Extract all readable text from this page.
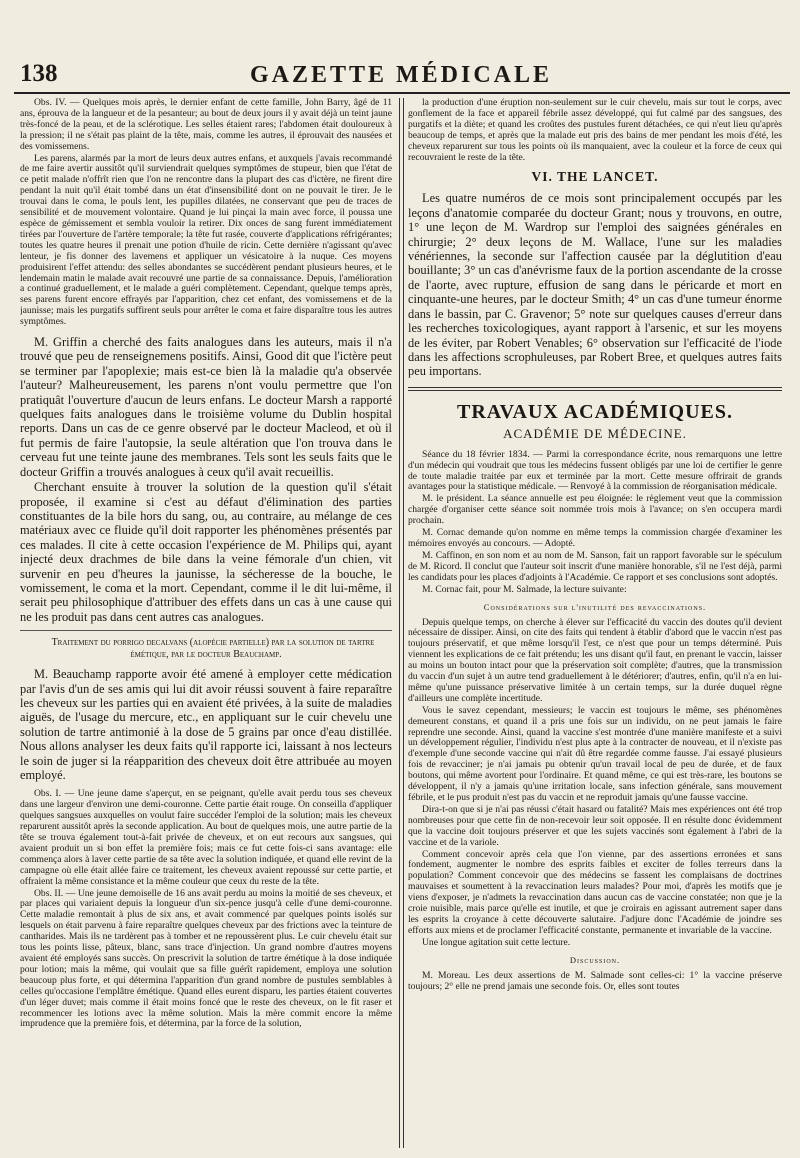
138	GAZETTE MÉDICALE

Obs. IV. — Quelques mois après, le dernier enfant de cette famille, John Barry, âgé de 11 ans, éprouva de la langueur et de la pesanteur; au bout de deux jours il y avait déjà un teint jaune très-foncé de la peau, et de la sclérotique. Les selles étaient rares; l'abdomen était douloureux à la pression; il ne s'était pas plaint de la tête, mais, comme les autres, il éprouvait des nausées et des vomissemens.

Les parens, alarmés par la mort de leurs deux autres enfans, et auxquels j'avais recommandé de me faire avertir aussitôt qu'il surviendrait quelques symptômes de stupeur, bien que l'état de ce petit malade n'offrît rien que l'on ne rencontre dans la plupart des cas d'ictère, ne firent dire pendant la nuit qu'il était tombé dans un état d'insensibilité dont on ne pouvait le tirer. Je le trouvai dans le coma, le pouls lent, les pupilles dilatées, ne conservant que peu de traces de sensibilité et de mouvement volontaire. Quand je lui pinçai la main avec force, il poussa une espèce de gémissement et sembla vouloir la retirer. Dix onces de sang furent immédiatement tirées par l'ouverture de l'artère temporale; la tête fut rasée, couverte d'applications réfrigérantes; toutes les quatre heures il prenait une potion d'huile de ricin. Cette dernière n'agissant qu'avec lenteur, je fis donner des lavemens et appliquer un vésicatoire à la nuque. Ces moyens produisirent l'effet attendu: des selles abondantes se succédèrent pendant plusieurs heures, et le lendemain matin le malade avait recouvré une partie de sa connaissance. Depuis, l'amélioration a continué graduellement, et le malade a guéri complètement. Cependant, quelque temps après, ses parens furent encore effrayés par l'apparition, chez cet enfant, des vomissemens et de la jaunisse; mais les purgatifs suffirent seuls pour arrêter le coma et faire disparaître tous les autres symptômes.

M. Griffin a cherché des faits analogues dans les auteurs, mais il n'a trouvé que peu de renseignemens positifs. Ainsi, Good dit que l'ictère peut se terminer par l'apoplexie; mais est-ce bien là la maladie qu'a observée l'auteur? Malheureusement, les parens n'ont voulu permettre que l'on pratiquât l'ouverture d'aucun de leurs enfans. Le docteur Marsh a rapporté quelques faits analogues dans le troisième volume du Dublin hospital reports. Dans un cas de ce genre observé par le docteur Macleod, et où il fut permis de faire l'autopsie, la seule altération que l'on trouva dans le cerveau fut une teinte jaune des membranes. Tels sont les seuls faits que le docteur Griffin a trouvés analogues à ceux qu'il avait recueillis.

Cherchant ensuite à trouver la solution de la question qu'il s'était proposée, il examine si c'est au défaut d'élimination des parties constituantes de la bile hors du sang, ou, au contraire, au mélange de ces matériaux avec ce fluide qu'il doit rapporter les phénomènes présentés par ces malades. Il cite à cette occasion l'expérience de M. Philips qui, ayant injecté deux drachmes de bile dans la veine fémorale d'un chien, vit survenir en peu d'heures la jaunisse, la sécheresse de la bouche, le vomissement, le coma et la mort. Cependant, comme il le dit lui-même, il serait peu philosophique d'attribuer des effets dans un cas à une cause qui ne les produit pas dans cent autres cas analogues.

Traitement du porrigo decalvans (alopécie partielle) par la solution de tartre émétique, par le docteur Beauchamp.

M. Beauchamp rapporte avoir été amené à employer cette médication par l'avis d'un de ses amis qui lui dit avoir réussi souvent à faire reparaître les cheveux sur les parties qui en avaient été privées, à la suite de maladies aiguës, de l'usage du mercure, etc., en appliquant sur le cuir chevelu une solution de tartre antimonié à la dose de 5 grains par once d'eau distillée. Nous allons analyser les deux faits qu'il rapporte ici, laissant à nos lecteurs le soin de juger si la réapparition des cheveux doit être attribuée au moyen employé.

Obs. I. — Une jeune dame s'aperçut, en se peignant, qu'elle avait perdu tous ses cheveux dans une largeur d'environ une demi-couronne. Cette partie était rouge. On conseilla d'appliquer quelques sangsues auxquelles on voulut faire succéder l'emploi de la solution; mais les cheveux reparurent aussitôt après la seconde application. Au bout de quelques mois, une autre partie de la tête se trouva également tout-à-fait privée de cheveux, et on eut recours aux sangsues, qui avaient produit un si bon effet la première fois; mais ce fut cette fois-ci sans avantage: elle commença alors à laver cette partie de sa tête avec la solution indiquée, et quand elle revint de la campagne où elle était allée faire ce traitement, les cheveux avaient repoussé sur cette partie, et offraient la même consistance et la même couleur que ceux du reste de la tête.

Obs. II. — Une jeune demoiselle de 16 ans avait perdu au moins la moitié de ses cheveux, et par places qui variaient depuis la longueur d'un six-pence jusqu'à celle d'une demi-couronne. Cette maladie remontait à plus de six ans, et avait commencé par quelques points isolés sur lesquels on était parvenu à faire reparaître quelques cheveux par des frictions avec la teinture de cantharides. Mais ils ne tardèrent pas à tomber et ne repoussèrent plus. Le cuir chevelu était sur tous les points lisse, pâteux, blanc, sans trace d'injection. Un grand nombre d'autres moyens avaient été employés sans succès. On prescrivit la solution de tartre émétique à la dose indiquée pour lotion; mais la même, qui voulait que sa fille guérît rapidement, employa une solution beaucoup plus forte, et qui détermina l'apparition d'un grand nombre de pustules semblables à celles qu'occasione l'emplâtre émétique. Quand elles eurent disparu, les parties étaient couvertes d'un léger duvet; mais comme il était moins foncé que le reste des cheveux, on le fit raser et recommencer les lotions avec la même solution. Mais la mère commit encore la même imprudence que la première fois, et détermina, par la force de la solution,

la production d'une éruption non-seulement sur le cuir chevelu, mais sur tout le corps, avec gonflement de la face et appareil fébrile assez développé, qui fut calmé par des sangsues, des purgatifs et la diète; et quand les croûtes des pustules furent détachées, ce qui n'eut lieu qu'après beaucoup de temps, et après que la malade eut pris des bains de mer pendant les mois d'été, les cheveux reparurent sur tous les points où ils manquaient, avec la couleur et la force de ceux qui recouvraient le reste de la tête.

VI. THE LANCET.

Les quatre numéros de ce mois sont principalement occupés par les leçons d'anatomie comparée du docteur Grant; nous y trouvons, en outre, 1° une leçon de M. Wardrop sur l'emploi des saignées générales en chirurgie; 2° deux leçons de M. Wallace, l'une sur les maladies vénériennes, la seconde sur l'affection causée par la déglutition d'eau bouillante; 3° un cas d'anévrisme faux de la portion ascendante de la crosse de l'aorte, avec rupture, effusion de sang dans le péricarde et mort en cinquante-une heures, par le docteur Smith; 4° un cas d'une tumeur énorme dans le bassin, par C. Gravenor; 5° note sur quelques causes d'erreur dans les recherches toxicologiques, ayant rapport à l'arsenic, et sur les moyens de les éviter, par Robert Venables; 6° observation sur l'efficacité de l'iode dans les affections scrophuleuses, par Robert Bree, et quelques autres faits peu importans.

TRAVAUX ACADÉMIQUES.
ACADÉMIE DE MÉDECINE.

Séance du 18 février 1834. — Parmi la correspondance écrite, nous remarquons une lettre d'un médecin qui voudrait que tous les médecins fussent obligés par une loi de certifier le genre de toute maladie traitée par eux et terminée par la mort. Cette mesure offrirait de grands avantages pour la statistique médicale. — Renvoyé à la commission de réorganisation médicale.

M. le président. La séance annuelle est peu éloignée: le règlement veut que la commission chargée d'organiser cette séance soit nommée trois mois à l'avance; on s'en occupera mardi prochain.

M. Cornac demande qu'on nomme en même temps la commission chargée d'examiner les mémoires envoyés au concours. — Adopté.

M. Caffinon, en son nom et au nom de M. Sanson, fait un rapport favorable sur le spéculum de M. Ricord. Il conclut que l'auteur soit inscrit d'une manière honorable, s'il ne l'est déjà, parmi les candidats pour les places d'adjoints à l'Académie. Ce rapport et ses conclusions sont adoptés.

M. Cornac fait, pour M. Salmade, la lecture suivante:

Considérations sur l'inutilité des revaccinations.

Depuis quelque temps, on cherche à élever sur l'efficacité du vaccin des doutes qu'il devient nécessaire de dissiper. Ainsi, on cite des faits qui tendent à établir d'abord que le vaccin n'est pas toujours préservatif, et que même lorsqu'il l'est, ce n'est que pour un temps déterminé. Puis viennent les explications de ce fait prétendu; les uns disant qu'il faut, en prenant le vaccin, laisser au moins un bouton intact pour que la préservation soit complète; d'autres, que la transmission du vaccin d'un sujet à un autre tend graduellement à le détériorer; d'autres, enfin, qu'il n'a en lui-même qu'une puissance préservative limitée à un certain temps, sur la durée duquel règne d'ailleurs une complète incertitude.

Vous le savez cependant, messieurs; le vaccin est toujours le même, ses phénomènes demeurent constans, et quand il a pris une fois sur un individu, on ne peut jamais le faire reprendre une seconde. Ainsi, quand la vaccine s'est montrée d'une manière manifeste et a suivi un développement régulier, l'individu n'est plus apte à la contracter de nouveau, et il n'existe pas d'exemple d'une seconde vaccine qui n'ait dû être regardée comme fausse. J'ai essayé plusieurs fois de revacciner; je n'ai jamais pu obtenir qu'un travail local de peu de durée, et de faux boutons, qui même avortent pour l'ordinaire. Et quand même, ce qui est très-rare, les boutons se développent, il n'y a jamais qu'une irritation locale, sans infection générale, sans mouvement fébrile, et le pus produit n'est pas du vaccin et ne reproduit jamais qu'une fausse vaccine.

Dira-t-on que si je n'ai pas réussi c'était hasard ou fatalité? Mais mes expériences ont été trop nombreuses pour que cette fin de non-recevoir leur soit opposée. Il en résulte donc évidemment que la vaccine doit toujours préserver et que les sujets vaccinés sont également à l'abri de la vaccine et de la variole.

Comment concevoir après cela que l'on vienne, par des assertions erronées et sans fondement, augmenter le nombre des esprits faibles et exciter de folles terreurs dans la population? Comment concevoir que des médecins se fassent les complaisans de doctrines mauvaises et soumettent à la revaccination leurs malades? Pour moi, d'après les motifs que je viens d'exposer, je n'admets la revaccination dans aucun cas de vaccine constatée; non que je la croie nuisible, mais parce qu'elle est inutile, et que je croirais en agissant autrement saper dans les esprits la croyance à cette découverte salutaire. J'adjure donc l'Académie de joindre ses efforts aux miens et de proclamer l'efficacité constante, permanente et invariable de la vaccine.

Une longue agitation suit cette lecture.

Discussion.

M. Moreau. Les deux assertions de M. Salmade sont celles-ci: 1° la vaccine préserve toujours; 2° elle ne prend jamais une seconde fois. Or, elles sont toutes
